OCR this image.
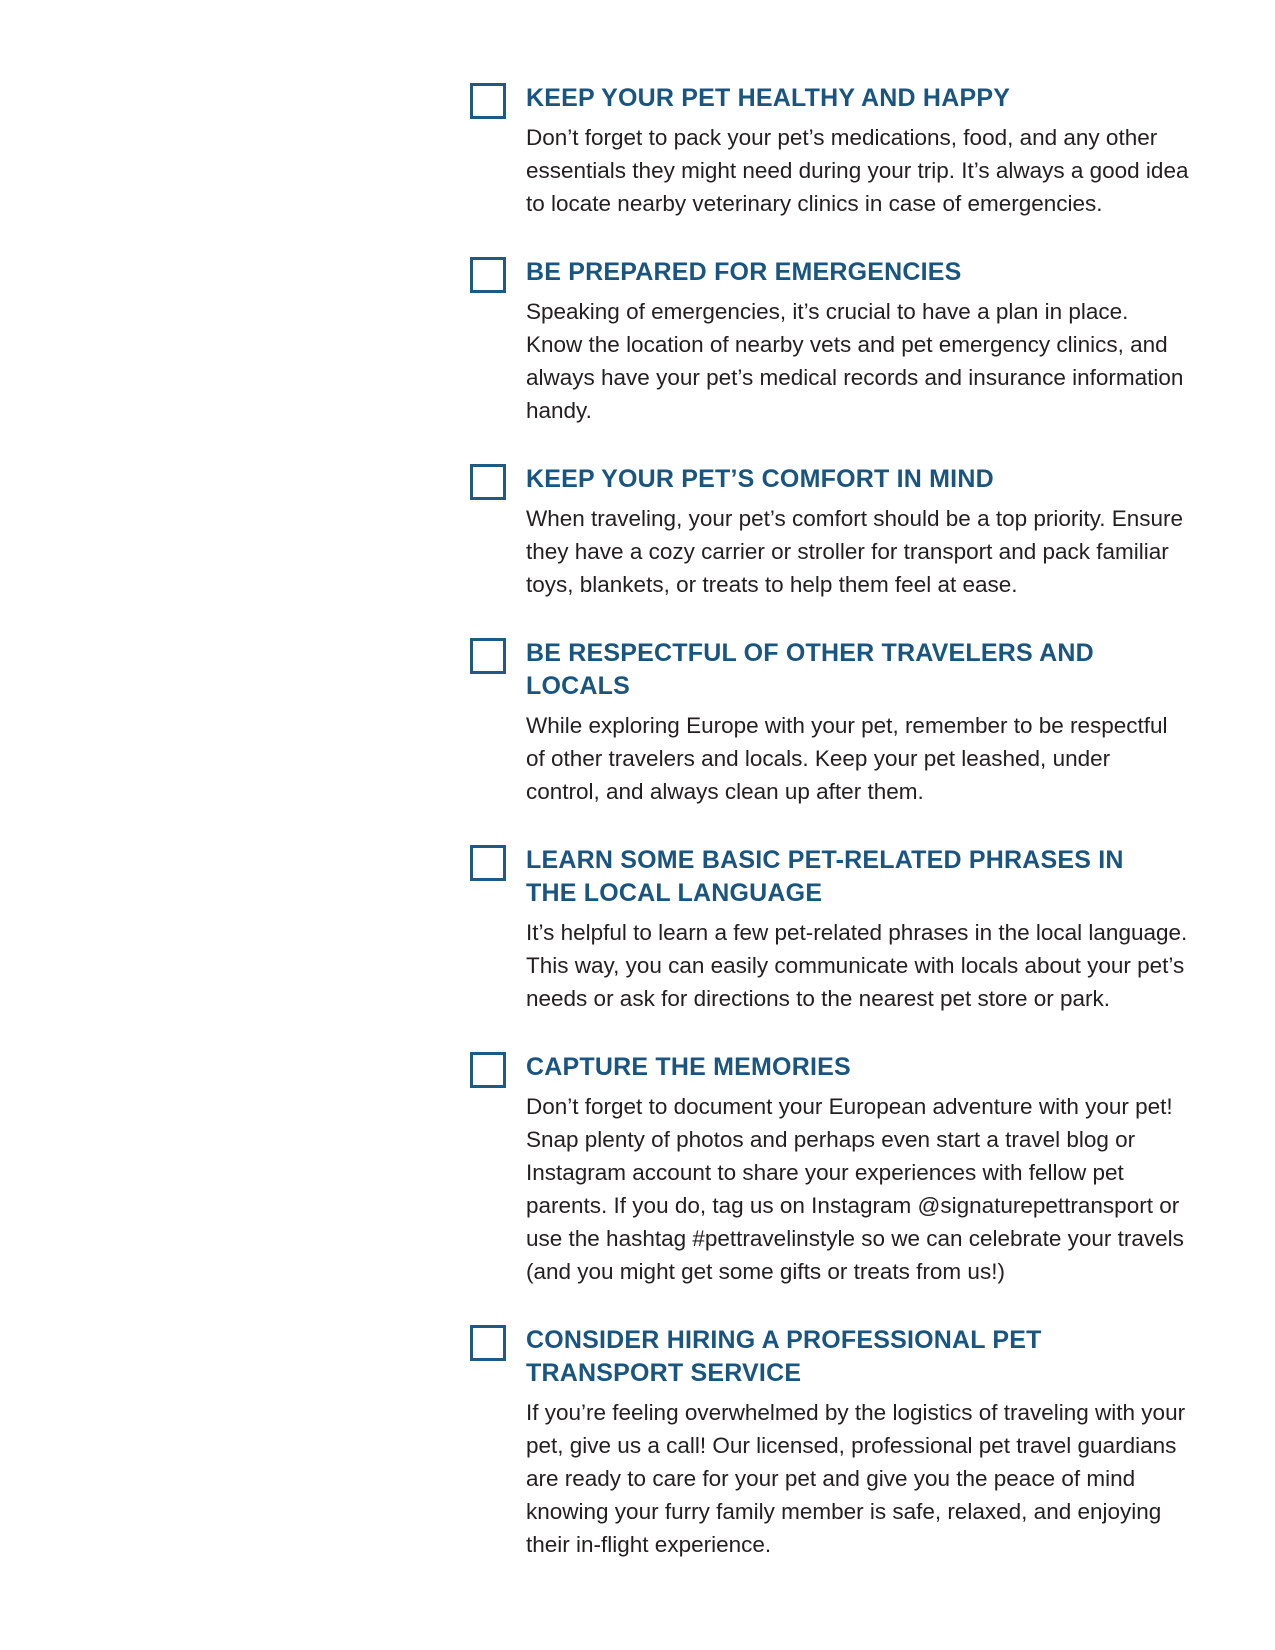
KEEP YOUR PET HEALTHY AND HAPPY

Don’t forget to pack your pet’s medications, food, and any other essentials they might need during your trip. It’s always a good idea to locate nearby veterinary clinics in case of emergencies.

BE PREPARED FOR EMERGENCIES

Speaking of emergencies, it’s crucial to have a plan in place. Know the location of nearby vets and pet emergency clinics, and always have your pet’s medical records and insurance information handy.

KEEP YOUR PET’S COMFORT IN MIND

When traveling, your pet’s comfort should be a top priority. Ensure they have a cozy carrier or stroller for transport and pack familiar toys, blankets, or treats to help them feel at ease.

BE RESPECTFUL OF OTHER TRAVELERS AND LOCALS

While exploring Europe with your pet, remember to be respectful of other travelers and locals. Keep your pet leashed, under control, and always clean up after them.

LEARN SOME BASIC PET-RELATED PHRASES IN THE LOCAL LANGUAGE

It’s helpful to learn a few pet-related phrases in the local language. This way, you can easily communicate with locals about your pet’s needs or ask for directions to the nearest pet store or park.

CAPTURE THE MEMORIES

Don’t forget to document your European adventure with your pet! Snap plenty of photos and perhaps even start a travel blog or Instagram account to share your experiences with fellow pet parents. If you do, tag us on Instagram @signaturepettransport or use the hashtag #pettravelinstyle so we can celebrate your travels (and you might get some gifts or treats from us!)

CONSIDER HIRING A PROFESSIONAL PET TRANSPORT SERVICE

If you’re feeling overwhelmed by the logistics of traveling with your pet, give us a call! Our licensed, professional pet travel guardians are ready to care for your pet and give you the peace of mind knowing your furry family member is safe, relaxed, and enjoying their in-flight experience.
